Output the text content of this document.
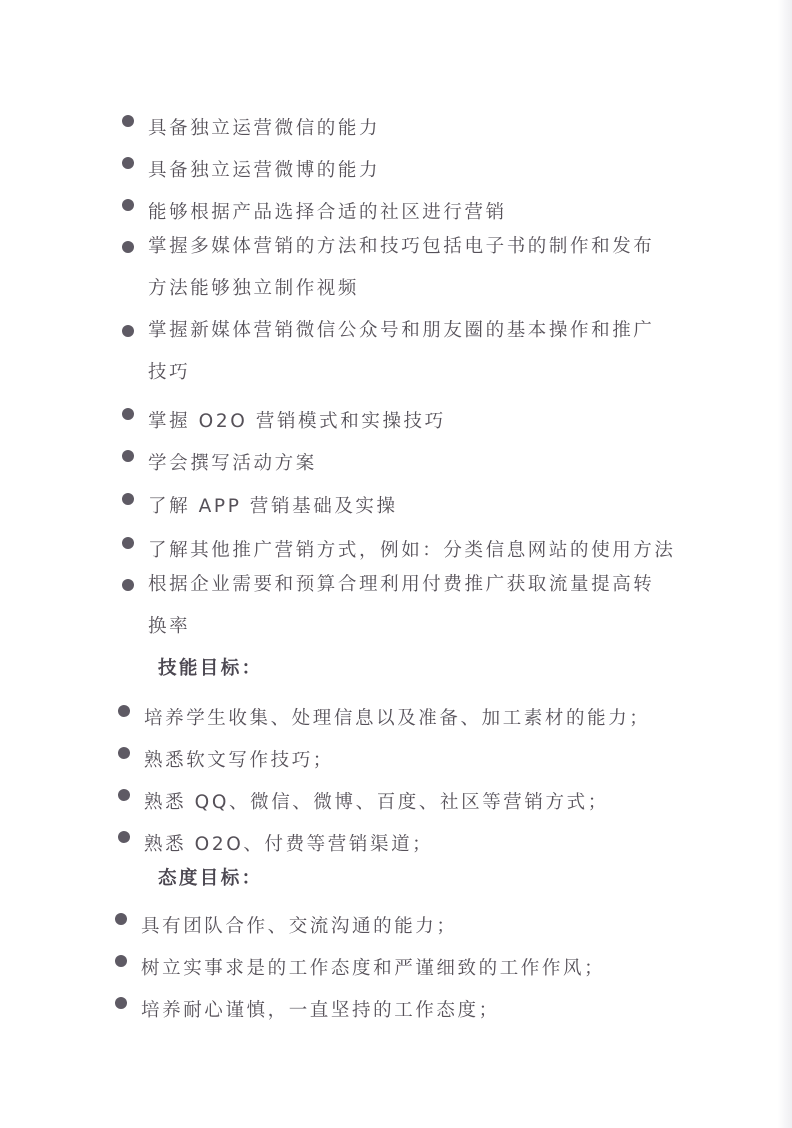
具备独立运营微信的能力
具备独立运营微博的能力
能够根据产品选择合适的社区进行营销
掌握多媒体营销的方法和技巧包括电子书的制作和发布
方法能够独立制作视频
掌握新媒体营销微信公众号和朋友圈的基本操作和推广
技巧
掌握 O2O 营销模式和实操技巧
学会撰写活动方案
了解 APP 营销基础及实操
了解其他推广营销方式，例如：分类信息网站的使用方法
根据企业需要和预算合理利用付费推广获取流量提高转
换率
技能目标：
培养学生收集、处理信息以及准备、加工素材的能力；
熟悉软文写作技巧；
熟悉 QQ、微信、微博、百度、社区等营销方式；
熟悉 O2O、付费等营销渠道；
态度目标：
具有团队合作、交流沟通的能力；
树立实事求是的工作态度和严谨细致的工作作风；
培养耐心谨慎，一直坚持的工作态度；
